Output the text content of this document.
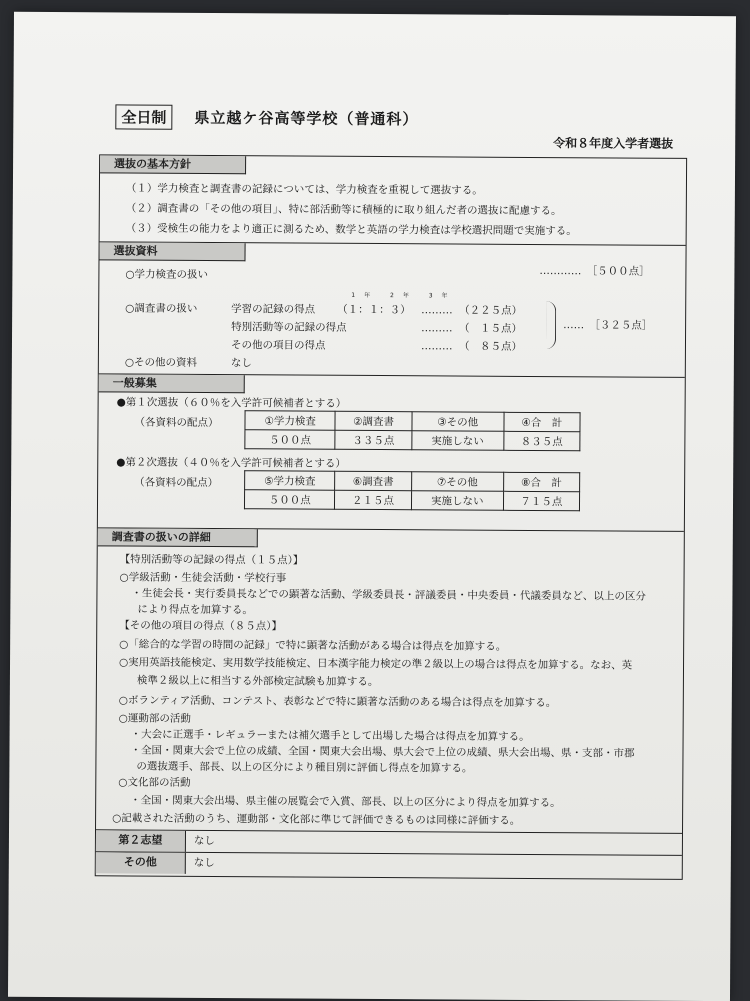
全日制	県立越ケ谷高等学校（普通科）
令和８年度入学者選抜
選抜の基本方針
（１）学力検査と調査書の記録については、学力検査を重視して選抜する。
（２）調査書の「その他の項目」、特に部活動等に積極的に取り組んだ者の選抜に配慮する。
（３）受検生の能力をより適正に測るため、数学と英語の学力検査は学校選択問題で実施する。
選抜資料
○学力検査の扱い	…………　［５００点］
1年 2年 3年
○調査書の扱い	学習の記録の得点 （１：１：３） ……… （２２５点）
特別活動等の記録の得点	……… （　１５点）
その他の項目の得点	……… （　８５点）
……　［３２５点］
○その他の資料	なし
一般募集
●第１次選抜（６０％を入学許可候補者とする）
（各資料の配点）	①学力検査	②調査書	③その他	④合　計
５００点	３３５点	実施しない	８３５点
●第２次選抜（４０％を入学許可候補者とする）
（各資料の配点）	⑤学力検査	⑥調査書	⑦その他	⑧合　計
５００点	２１５点	実施しない	７１５点
調査書の扱いの詳細
【特別活動等の記録の得点（１５点）】
○学級活動・生徒会活動・学校行事
・生徒会長・実行委員長などでの顕著な活動、学級委員長・評議委員・中央委員・代議委員など、以上の区分
により得点を加算する。
【その他の項目の得点（８５点）】
○「総合的な学習の時間の記録」で特に顕著な活動がある場合は得点を加算する。
○実用英語技能検定、実用数学技能検定、日本漢字能力検定の準２級以上の場合は得点を加算する。なお、英
検準２級以上に相当する外部検定試験も加算する。
○ボランティア活動、コンテスト、表彰などで特に顕著な活動のある場合は得点を加算する。
○運動部の活動
・大会に正選手・レギュラーまたは補欠選手として出場した場合は得点を加算する。
・全国・関東大会で上位の成績、全国・関東大会出場、県大会で上位の成績、県大会出場、県・支部・市郡
の選抜選手、部長、以上の区分により種目別に評価し得点を加算する。
○文化部の活動
・全国・関東大会出場、県主催の展覧会で入賞、部長、以上の区分により得点を加算する。
○記載された活動のうち、運動部・文化部に準じて評価できるものは同様に評価する。
第２志望	なし
その他	なし
